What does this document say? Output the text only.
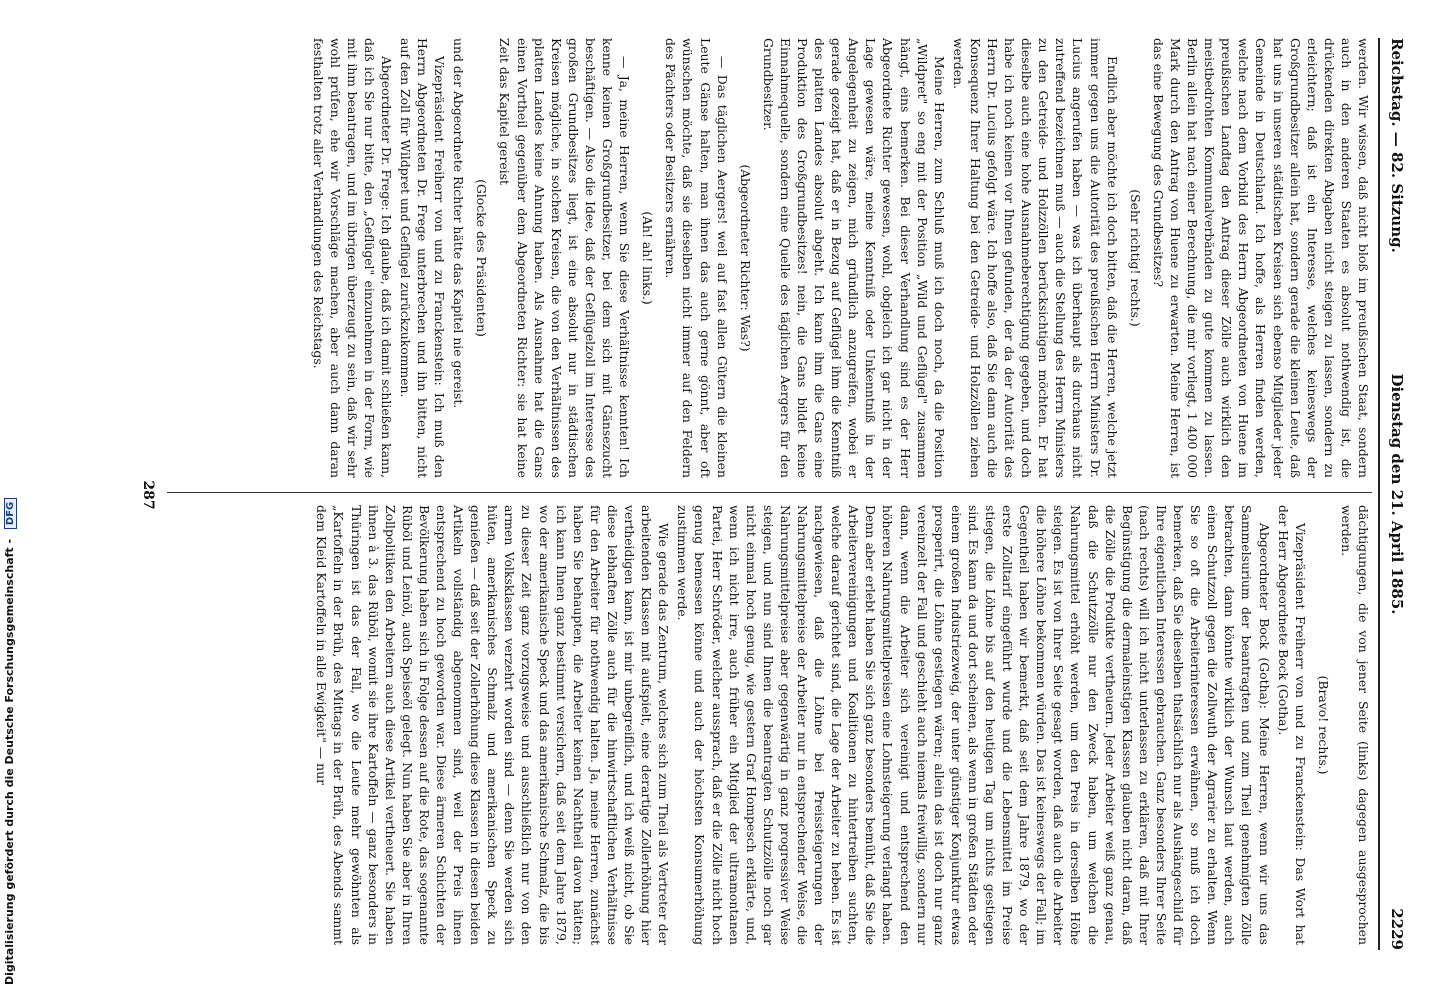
Reichstag. — 82. Sitzung.
Dienstag den 21. April 1885.
2229

werden. Wir wissen, daß nicht bloß im preußischen Staat, sondern auch in den anderen Staaten es absolut nothwendig ist, die drückenden direkten Abgaben nicht steigen zu lassen, sondern zu erleichtern; daß ist ein Interesse, welches keineswegs der Großgrundbesitzer allein hat, sondern gerade die kleinen Leute, daß hat uns in unseren städtischen Kreisen sich ebenso Mitglieder jeder Gemeinde in Deutschland. Ich hoffe, als Herren finden werden, welche nach dem Vorbild des Herrn Abgeordneten von Huene im preußischen Landtag den Antrag dieser Zölle auch wirklich den meistbedrohten Kommunalverbänden zu gute kommen zu lassen. Berlin allein hat nach einer Berechnung, die mir vorliegt, 1 400 000 Mark durch den Antrag von Huene zu erwarten. Meine Herren, ist das eine Bewegung des Grundbesitzes?

(Sehr richtig! rechts.)

Endlich aber möchte ich doch bitten, daß die Herren, welche jetzt immer gegen uns die Autorität des preußischen Herrn Ministers Dr. Lucius angerufen haben — was ich überhaupt als durchaus nicht zutreffend bezeichnen muß — auch die Stellung des Herrn Ministers zu den Getreide- und Holzzöllen berücksichtigen möchten. Er hat dieselbe auch eine hohe Ausnahmeberechtigung gegeben, und doch habe ich noch keinen vor Ihnen gefunden, der da der Autorität des Herrn Dr. Lucius gefolgt wäre. Ich hoffe also, daß Sie dann auch die Konsequenz Ihrer Haltung bei den Getreide- und Holzzöllen ziehen werden.

Meine Herren, zum Schluß muß ich doch noch, da die Position „Wildpret" so eng mit der Position „Wild und Geflügel" zusammen hängt, eins bemerken. Bei dieser Verhandlung sind es der Herr Abgeordnete Richter gewesen, wohl, obgleich ich gar nicht in der Lage gewesen wäre, meine Kenntniß oder Unkenntniß in der Angelegenheit zu zeigen, mich gründlich anzugreifen, wobei er gerade gezeigt hat, daß er in Bezug auf Geflügel ihm die Kenntniß des platten Landes absolut abgeht. Ich kann ihm die Gans eine Produktion des Großgrundbesitzes! nein, die Gans bildet keine Einnahmequelle, sondern eine Quelle des täglichen Aergers für den Grundbesitzer.

(Abgeordneter Richter: Was?)

— Das täglichen Aergers! weil auf fast allen Gütern die kleinen Leute Gänse halten, man ihnen das auch gerne gönnt, aber oft wünschen möchte, daß sie dieselben nicht immer auf den Feldern des Pächters oder Besitzers ernähren.

(Ah! ah! links.)

— Ja, meine Herren, wenn Sie diese Verhältnisse kennten! Ich kenne keinen Großgrundbesitzer, bei dem sich mit Gänsezucht beschäftigen. — Also die Idee, daß der Geflügelzoll im Interesse des großen Grundbesitzes liegt, ist eine absolut nur in städtischen Kreisen mögliche, in solchen Kreisen, die von den Verhältnissen des platten Landes keine Ahnung haben. Als Ausnahme hat die Gans einen Vortheil gegenüber dem Abgeordneten Richter: sie hat keine Zeit das Kapitel gereist

(Glocke des Präsidenten)

und der Abgeordnete Richter hätte das Kapitel nie gereist.

Vizepräsident Freiherr von und zu Franckenstein: Ich muß den Herrn Abgeordneten Dr. Frege unterbrechen und ihn bitten, nicht auf den Zoll für Wildpret und Geflügel zurückzukommen.

Abgeordneter Dr. Frege: Ich glaube, daß ich damit schließen kann, daß ich Sie nur bitte, den „Geflügel" einzunehmen in der Form, wie mit ihm beantragen, und im übrigen überzeugt zu sein, daß wir sehr wohl prüfen, ehe wir Vorschläge machen, aber auch dann daran festhalten trotz aller Verhandlungen des Reichstags.

dächtigungen, die von jener Seite (links) dagegen ausgesprochen werden.

(Bravo! rechts.)

Vizepräsident Freiherr von und zu Franckenstein: Das Wort hat der Herr Abgeordnete Bock (Gotha).

Abgeordneter Bock (Gotha): Meine Herren, wenn wir uns das Sammelsurium der beantragten und zum Theil genehmigten Zölle betrachten, dann könnte wirklich der Wunsch laut werden, auch einen Schutzzoll gegen die Zollwuth der Agrarier zu erhalten. Wenn Sie so oft die Arbeiterinteressen erwähnen, so muß ich doch bemerken, daß Sie dieselben thatsächlich nur als Aushängeschild für Ihre eigentlichen Interessen gebrauchen. Ganz besonders Ihrer Seite (nach rechts) will ich nicht unterlassen zu erklären, daß mit Ihrer Begünstigung die dermaleinstigen Klassen glauben nicht daran, daß die Zölle die Produkte vertheuern. Jeder Arbeiter weiß ganz genau, daß die Schutzzölle nur den Zweck haben, um welchen die Nahrungsmittel erhöht werden, um den Preis in derselben Höhe steigen. Es ist von Ihrer Seite gesagt worden, daß auch die Arbeiter die höhere Löhne bekommen würden. Das ist keineswegs der Fall; im Gegentheil haben wir bemerkt, daß seit dem Jahre 1879, wo der erste Zolltarif eingeführt wurde und die Lebensmittel im Preise stiegen, die Löhne bis auf den heutigen Tag um nichts gestiegen sind. Es kann da und dort scheinen, als wenn in großen Städten oder einem großen Industriezweig, der unter günstiger Konjunktur etwas prosperirt, die Löhne gestiegen wären; allein das ist doch nur ganz vereinzelt der Fall und geschieht auch niemals freiwillig, sondern nur dann, wenn die Arbeiter sich vereinigt und entsprechend den höheren Nahrungsmittelpreisen eine Lohnsteigerung verlangt haben. Denn aber erlebt haben Sie sich ganz besonders bemüht, daß Sie die Arbeitervereinigungen und Koalitionen zu hintertreiben suchten, welche darauf gerichtet sind, die Lage der Arbeiter zu heben. Es ist nachgewiesen, daß die Löhne bei Preissteigerungen der Nahrungsmittelpreise der Arbeiter nur in entsprechender Weise, die Nahrungsmittelpreise aber gegenwärtig in ganz progressiver Weise steigen, und nun sind Ihnen die beantragten Schutzzölle noch gar nicht einmal hoch genug, wie gestern Graf Hompesch erklärte, und, wenn ich nicht irre, auch früher ein Mitglied der ultramontanen Partei, Herr Schröder, welcher aussprach, daß er die Zölle nicht hoch genug bemessen könne und auch der höchsten Konsumerhöhung zustimmen werde.

Wie gerade das Zentrum, welches sich zum Theil als Vertreter der arbeitenden Klassen mit aufspielt, eine derartige Zollerhöhung hier vertheidigen kann, ist mir unbegreiflich, und ich weiß nicht, ob Sie diese lebhaften Zölle auch für die hinwirtschaftlichen Verhältnisse für den Arbeiter für nothwendig halten. Ja, meine Herren, zunächst haben Sie behaupten, die Arbeiter keinen Nachtheil davon hätten; ich kann Ihnen ganz bestimmt versichern, daß seit dem Jahre 1879, wo der amerikanische Speck und das amerikanische Schmalz, die bis zu dieser Zeit ganz vorzugsweise und ausschließlich nur von den armen Volksklassen verzehrt worden sind — denn Sie werden sich hüten, amerikanisches Schmalz und amerikanischen Speck zu genießen — daß seit der Zollerhöhung diese Klassen in diesen beiden Artikeln vollständig abgenommen sind, weil der Preis ihnen entsprechend zu hoch geworden war. Diese ärmeren Schichten der Bevölkerung haben sich in Folge dessen auf die Rote, das sogenannte Rüböl und Leinöl, auch Speiseöl gelegt. Nun haben Sie aber in Ihren Zollpolitiken den Arbeitern auch diese Artikel vertheuert. Sie haben ihnen à 3. das Rüböl, womit sie ihre Kartoffeln — ganz besonders in Thüringen ist das der Fall, wo die Leute mehr gewöhnten als „Kartoffeln in der Brüh, des Mittags in der Brüh, des Abends sammt dem Kleid Kartoffeln in alle Ewigkeit" — nur

287
Digitalisierung gefördert durch die Deutsche Forschungsgemeinschaft - DFG
